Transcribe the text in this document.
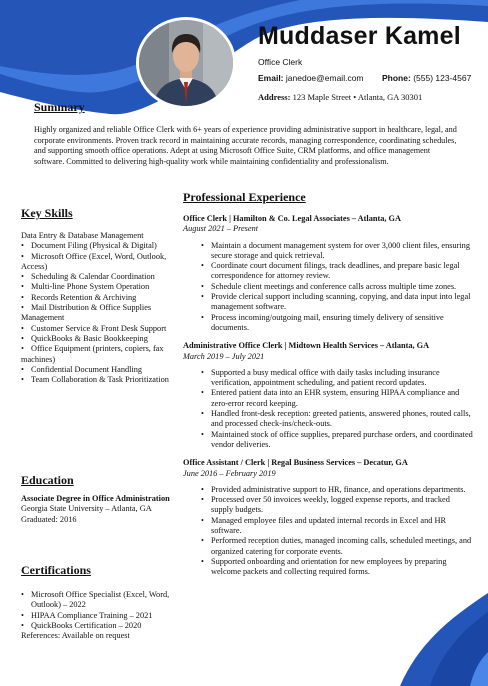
Muddaser Kamel
Office Clerk
Email: janedoe@email.com Phone: (555) 123-4567
Address: 123 Maple Street • Atlanta, GA 30301
Summary
Highly organized and reliable Office Clerk with 6+ years of experience providing administrative support in healthcare, legal, and corporate environments. Proven track record in maintaining accurate records, managing correspondence, coordinating schedules, and supporting smooth office operations. Adept at using Microsoft Office Suite, CRM platforms, and office management software. Committed to delivering high-quality work while maintaining confidentiality and professionalism.
Key Skills
Data Entry & Database Management
• Document Filing (Physical & Digital)
• Microsoft Office (Excel, Word, Outlook, Access)
• Scheduling & Calendar Coordination
• Multi-line Phone System Operation
• Records Retention & Archiving
• Mail Distribution & Office Supplies Management
• Customer Service & Front Desk Support
• QuickBooks & Basic Bookkeeping
• Office Equipment (printers, copiers, fax machines)
• Confidential Document Handling
• Team Collaboration & Task Prioritization
Education
Associate Degree in Office Administration
Georgia State University – Atlanta, GA
Graduated: 2016
Certifications
• Microsoft Office Specialist (Excel, Word, Outlook) – 2022
• HIPAA Compliance Training – 2021
• QuickBooks Certification – 2020
References: Available on request
Professional Experience
Office Clerk | Hamilton & Co. Legal Associates – Atlanta, GA
August 2021 – Present
• Maintain a document management system for over 3,000 client files, ensuring secure storage and quick retrieval.
• Coordinate court document filings, track deadlines, and prepare basic legal correspondence for attorney review.
• Schedule client meetings and conference calls across multiple time zones.
• Provide clerical support including scanning, copying, and data input into legal management software.
• Process incoming/outgoing mail, ensuring timely delivery of sensitive documents.
Administrative Office Clerk | Midtown Health Services – Atlanta, GA
March 2019 – July 2021
• Supported a busy medical office with daily tasks including insurance verification, appointment scheduling, and patient record updates.
• Entered patient data into an EHR system, ensuring HIPAA compliance and zero-error record keeping.
• Handled front-desk reception: greeted patients, answered phones, routed calls, and processed check-ins/check-outs.
• Maintained stock of office supplies, prepared purchase orders, and coordinated vendor deliveries.
Office Assistant / Clerk | Regal Business Services – Decatur, GA
June 2016 – February 2019
• Provided administrative support to HR, finance, and operations departments.
• Processed over 50 invoices weekly, logged expense reports, and tracked supply budgets.
• Managed employee files and updated internal records in Excel and HR software.
• Performed reception duties, managed incoming calls, scheduled meetings, and organized catering for corporate events.
• Supported onboarding and orientation for new employees by preparing welcome packets and collecting required forms.
